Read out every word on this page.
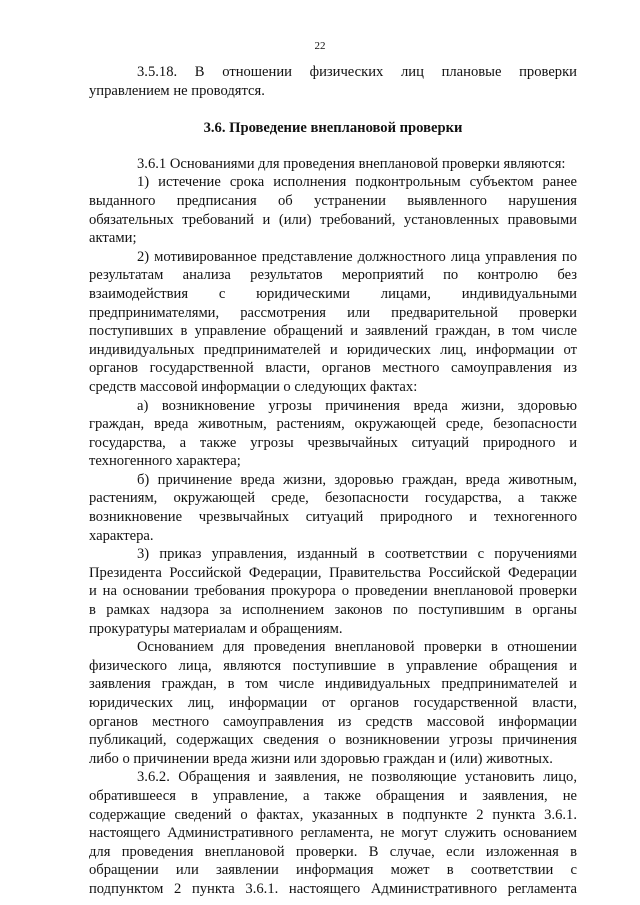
22
3.5.18. В отношении физических лиц плановые проверки
управлением не проводятся.
3.6. Проведение внеплановой проверки
3.6.1 Основаниями для проведения внеплановой проверки являются:
1) истечение срока исполнения подконтрольным субъектом ранее
выданного предписания об устранении выявленного нарушения
обязательных требований и (или) требований, установленных правовыми
актами;
2) мотивированное представление должностного лица управления по
результатам анализа результатов мероприятий по контролю без
взаимодействия с юридическими лицами, индивидуальными
предпринимателями, рассмотрения или предварительной проверки
поступивших в управление обращений и заявлений граждан, в том числе
индивидуальных предпринимателей и юридических лиц, информации от
органов государственной власти, органов местного самоуправления из
средств массовой информации о следующих фактах:
а) возникновение угрозы причинения вреда жизни, здоровью
граждан, вреда животным, растениям, окружающей среде, безопасности
государства, а также угрозы чрезвычайных ситуаций природного и
техногенного характера;
б) причинение вреда жизни, здоровью граждан, вреда животным,
растениям, окружающей среде, безопасности государства, а также
возникновение чрезвычайных ситуаций природного и техногенного
характера.
3) приказ управления, изданный в соответствии с поручениями
Президента Российской Федерации, Правительства Российской Федерации
и на основании требования прокурора о проведении внеплановой проверки
в рамках надзора за исполнением законов по поступившим в органы
прокуратуры материалам и обращениям.
Основанием для проведения внеплановой проверки в отношении
физического лица, являются поступившие в управление обращения и
заявления граждан, в том числе индивидуальных предпринимателей и
юридических лиц, информации от органов государственной власти,
органов местного самоуправления из средств массовой информации
публикаций, содержащих сведения о возникновении угрозы причинения
либо о причинении вреда жизни или здоровью граждан и (или) животных.
3.6.2. Обращения и заявления, не позволяющие установить лицо,
обратившееся в управление, а также обращения и заявления, не
содержащие сведений о фактах, указанных в подпункте 2 пункта 3.6.1.
настоящего Административного регламента, не могут служить основанием
для проведения внеплановой проверки. В случае, если изложенная в
обращении или заявлении информация может в соответствии с
подпунктом 2 пункта 3.6.1. настоящего Административного регламента
